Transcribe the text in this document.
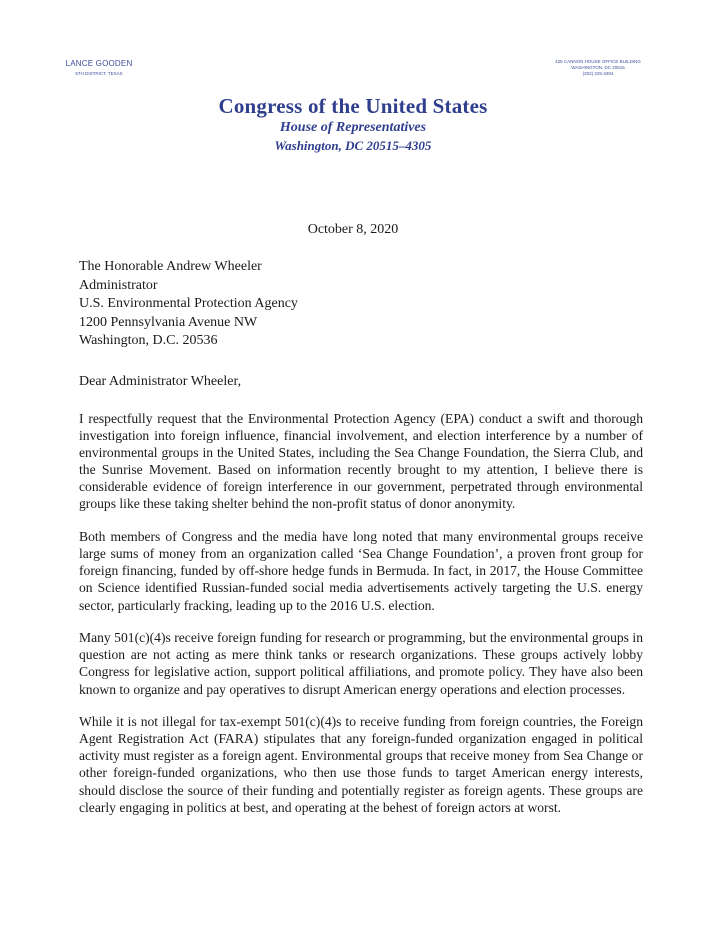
LANCE GOODEN
5TH DISTRICT, TEXAS
425 CANNON HOUSE OFFICE BUILDING
WASHINGTON, DC 20515
(202) 225-3484
Congress of the United States
House of Representatives
Washington, DC 20515–4305
October 8, 2020
The Honorable Andrew Wheeler
Administrator
U.S. Environmental Protection Agency
1200 Pennsylvania Avenue NW
Washington, D.C. 20536
Dear Administrator Wheeler,

I respectfully request that the Environmental Protection Agency (EPA) conduct a swift and thorough investigation into foreign influence, financial involvement, and election interference by a number of environmental groups in the United States, including the Sea Change Foundation, the Sierra Club, and the Sunrise Movement. Based on information recently brought to my attention, I believe there is considerable evidence of foreign interference in our government, perpetrated through environmental groups like these taking shelter behind the non-profit status of donor anonymity.

Both members of Congress and the media have long noted that many environmental groups receive large sums of money from an organization called ‘Sea Change Foundation’, a proven front group for foreign financing, funded by off-shore hedge funds in Bermuda. In fact, in 2017, the House Committee on Science identified Russian-funded social media advertisements actively targeting the U.S. energy sector, particularly fracking, leading up to the 2016 U.S. election.

Many 501(c)(4)s receive foreign funding for research or programming, but the environmental groups in question are not acting as mere think tanks or research organizations. These groups actively lobby Congress for legislative action, support political affiliations, and promote policy. They have also been known to organize and pay operatives to disrupt American energy operations and election processes.

While it is not illegal for tax-exempt 501(c)(4)s to receive funding from foreign countries, the Foreign Agent Registration Act (FARA) stipulates that any foreign-funded organization engaged in political activity must register as a foreign agent. Environmental groups that receive money from Sea Change or other foreign-funded organizations, who then use those funds to target American energy interests, should disclose the source of their funding and potentially register as foreign agents. These groups are clearly engaging in politics at best, and operating at the behest of foreign actors at worst.
